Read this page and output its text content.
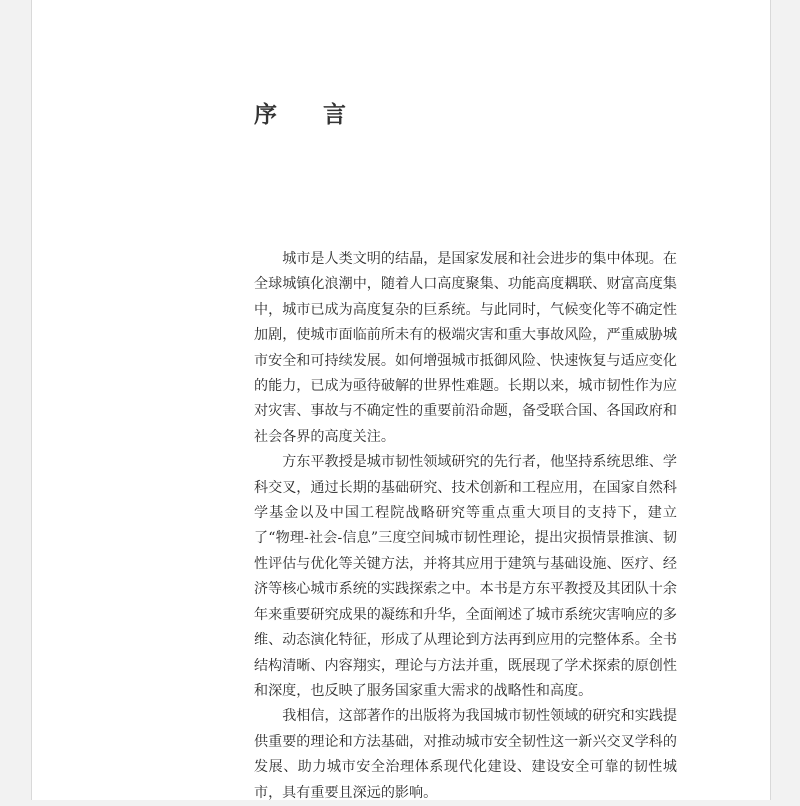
序 言

城市是人类文明的结晶，是国家发展和社会进步的集中体现。在全球城镇化浪潮中，随着人口高度聚集、功能高度耦联、财富高度集中，城市已成为高度复杂的巨系统。与此同时，气候变化等不确定性加剧，使城市面临前所未有的极端灾害和重大事故风险，严重威胁城市安全和可持续发展。如何增强城市抵御风险、快速恢复与适应变化的能力，已成为亟待破解的世界性难题。长期以来，城市韧性作为应对灾害、事故与不确定性的重要前沿命题，备受联合国、各国政府和社会各界的高度关注。

方东平教授是城市韧性领域研究的先行者，他坚持系统思维、学科交叉，通过长期的基础研究、技术创新和工程应用，在国家自然科学基金以及中国工程院战略研究等重点重大项目的支持下，建立了“物理-社会-信息”三度空间城市韧性理论，提出灾损情景推演、韧性评估与优化等关键方法，并将其应用于建筑与基础设施、医疗、经济等核心城市系统的实践探索之中。本书是方东平教授及其团队十余年来重要研究成果的凝练和升华，全面阐述了城市系统灾害响应的多维、动态演化特征，形成了从理论到方法再到应用的完整体系。全书结构清晰、内容翔实，理论与方法并重，既展现了学术探索的原创性和深度，也反映了服务国家重大需求的战略性和高度。

我相信，这部著作的出版将为我国城市韧性领域的研究和实践提供重要的理论和方法基础，对推动城市安全韧性这一新兴交叉学科的发展、助力城市安全治理体系现代化建设、建设安全可靠的韧性城市，具有重要且深远的影响。
